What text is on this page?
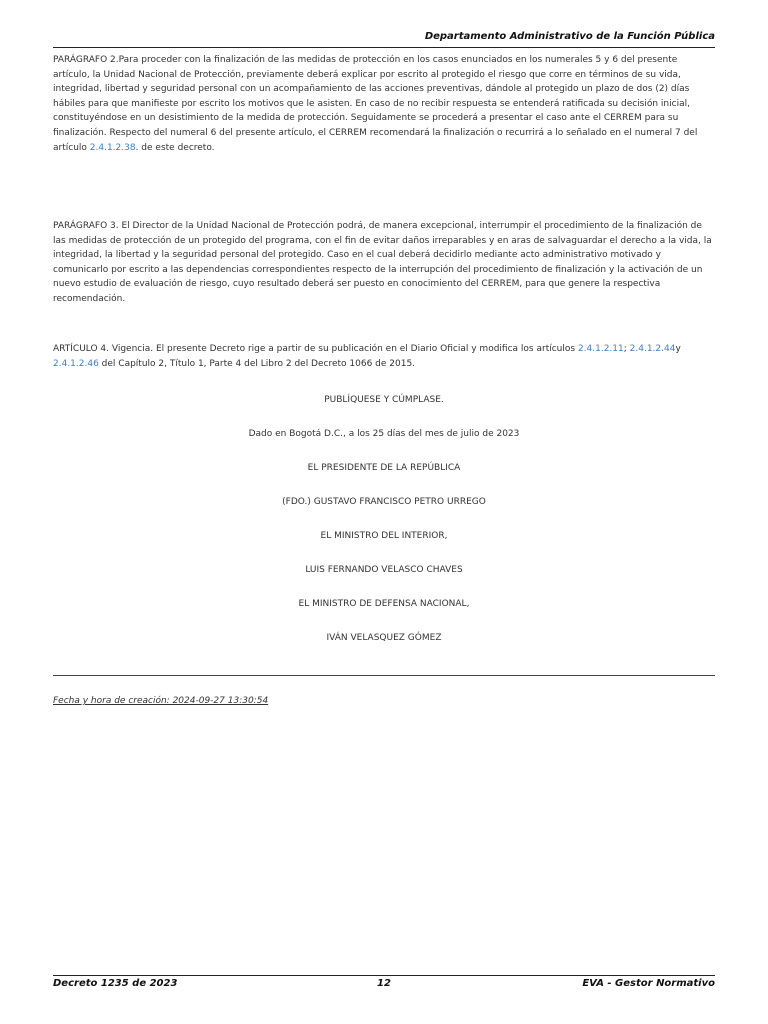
Departamento Administrativo de la Función Pública

PARÁGRAFO 2.Para proceder con la finalización de las medidas de protección en los casos enunciados en los numerales 5 y 6 del presente artículo, la Unidad Nacional de Protección, previamente deberá explicar por escrito al protegido el riesgo que corre en términos de su vida, integridad, libertad y seguridad personal con un acompañamiento de las acciones preventivas, dándole al protegido un plazo de dos (2) días hábiles para que manifieste por escrito los motivos que le asisten. En caso de no recibir respuesta se entenderá ratificada su decisión inicial, constituyéndose en un desistimiento de la medida de protección. Seguidamente se procederá a presentar el caso ante el CERREM para su finalización. Respecto del numeral 6 del presente artículo, el CERREM recomendará la finalización o recurrirá a lo señalado en el numeral 7 del artículo 2.4.1.2.38. de este decreto.

PARÁGRAFO 3. El Director de la Unidad Nacional de Protección podrá, de manera excepcional, interrumpir el procedimiento de la finalización de las medidas de protección de un protegido del programa, con el fin de evitar daños irreparables y en aras de salvaguardar el derecho a la vida, la integridad, la libertad y la seguridad personal del protegido. Caso en el cual deberá decidirlo mediante acto administrativo motivado y comunicarlo por escrito a las dependencias correspondientes respecto de la interrupción del procedimiento de finalización y la activación de un nuevo estudio de evaluación de riesgo, cuyo resultado deberá ser puesto en conocimiento del CERREM, para que genere la respectiva recomendación.

ARTÍCULO 4. Vigencia. El presente Decreto rige a partir de su publicación en el Diario Oficial y modifica los artículos 2.4.1.2.11; 2.4.1.2.44y 2.4.1.2.46 del Capítulo 2, Título 1, Parte 4 del Libro 2 del Decreto 1066 de 2015.

PUBLÍQUESE Y CÚMPLASE.
Dado en Bogotá D.C., a los 25 días del mes de julio de 2023
EL PRESIDENTE DE LA REPÚBLICA
(FDO.) GUSTAVO FRANCISCO PETRO URREGO
EL MINISTRO DEL INTERIOR,
LUIS FERNANDO VELASCO CHAVES
EL MINISTRO DE DEFENSA NACIONAL,
IVÁN VELASQUEZ GÓMEZ
Fecha y hora de creación: 2024-09-27 13:30:54
Decreto 1235 de 2023	12	EVA - Gestor Normativo
